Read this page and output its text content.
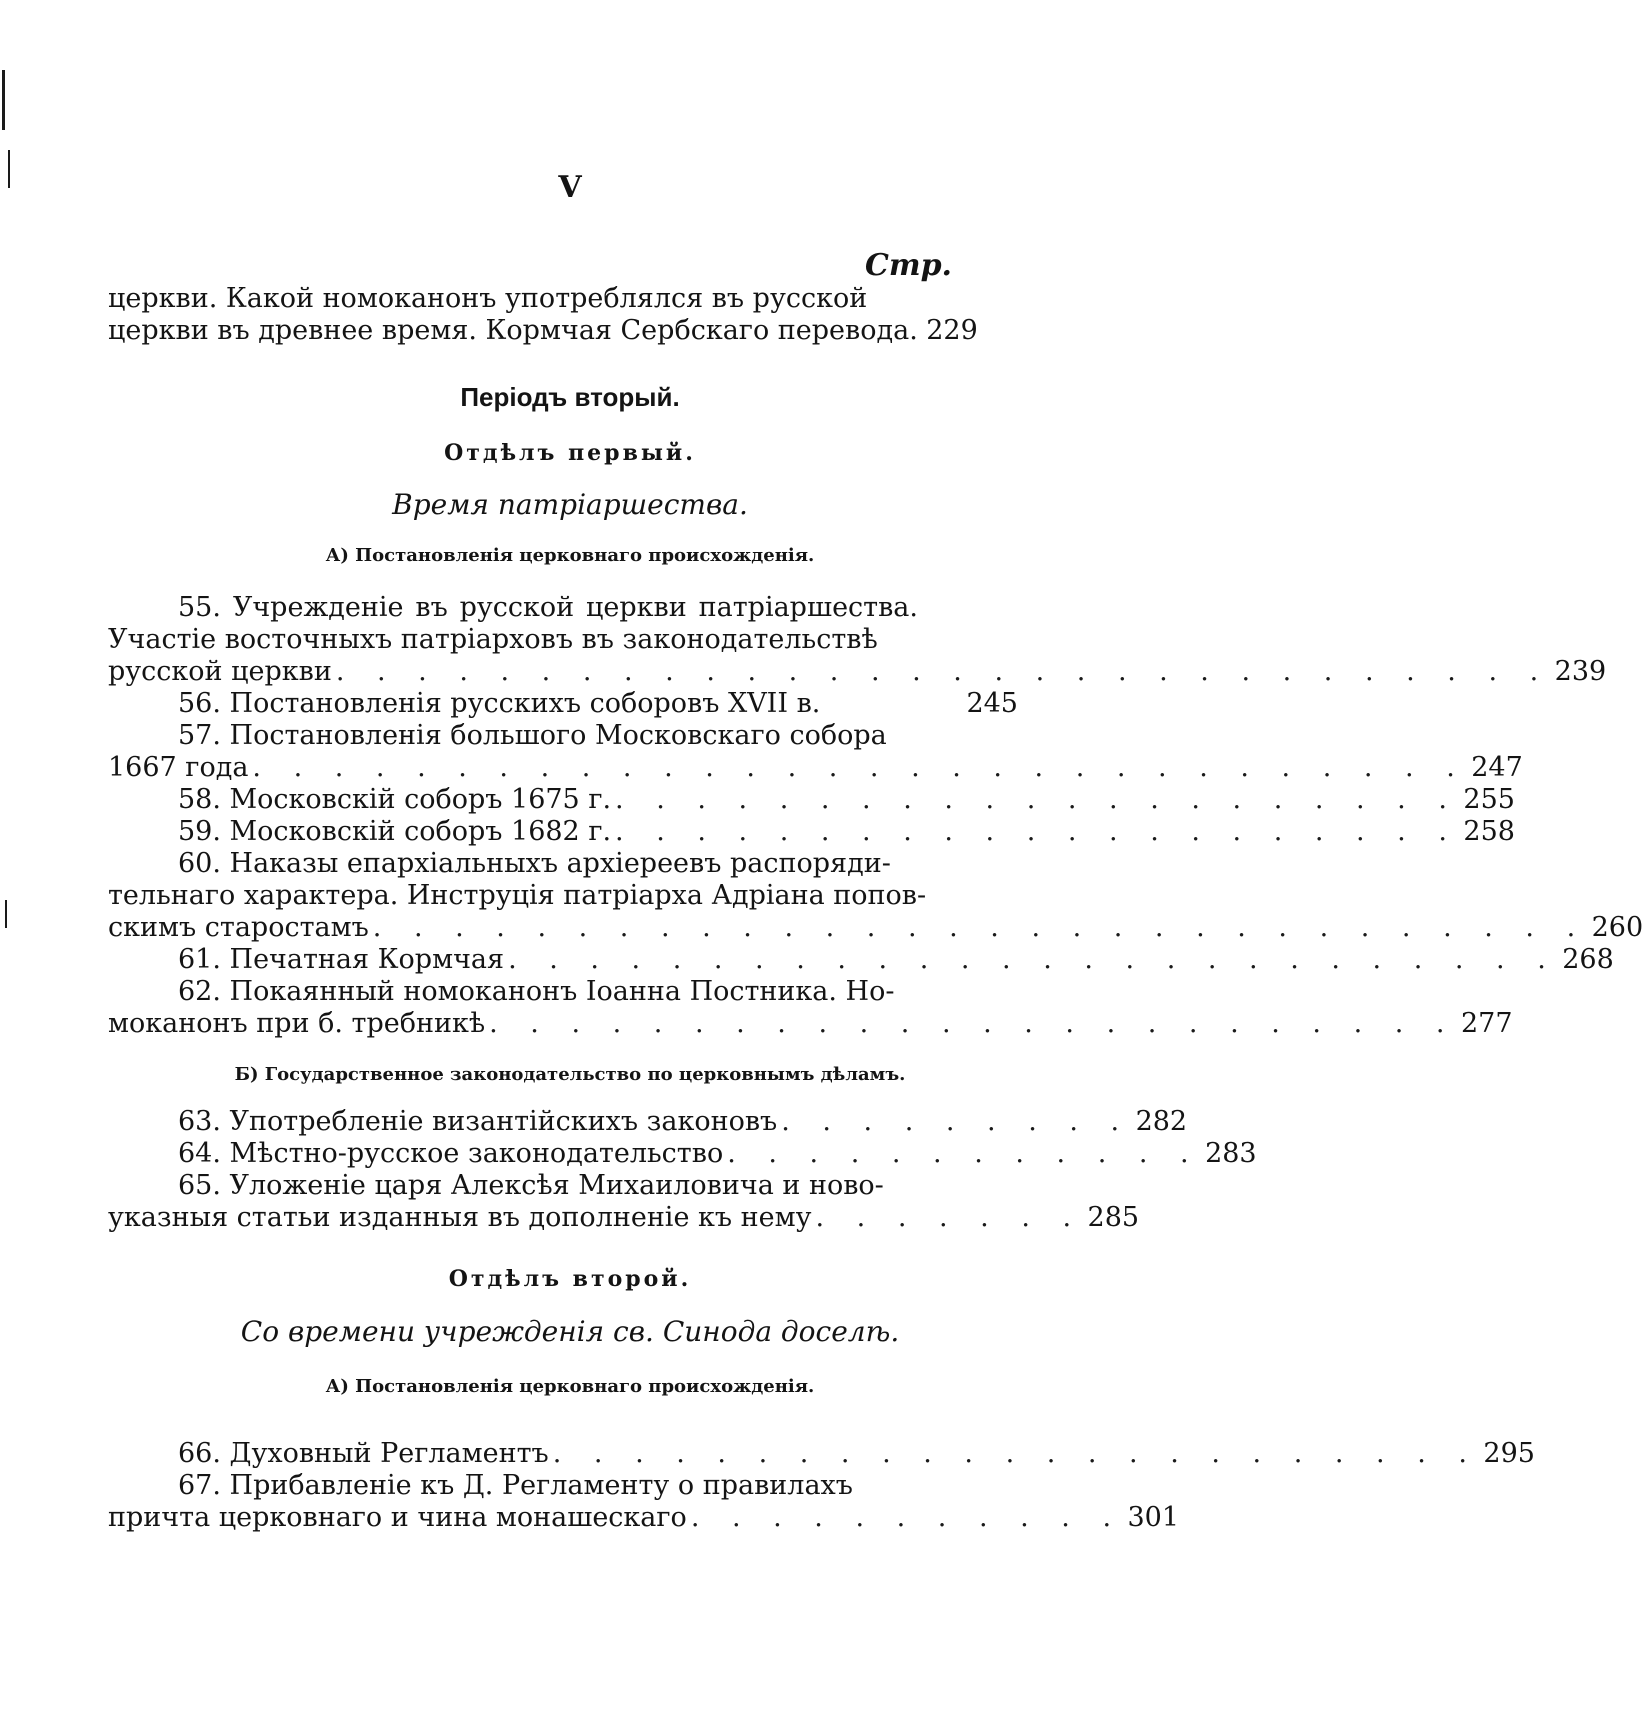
V
Стр.
церкви. Какой номоканонъ употреблялся въ русской
церкви въ древнее время. Кормчая Сербскаго перевода. 229
Періодъ вторый.
Отдѣлъ первый.
Время патріаршества.
А) Постановленія церковнаго происхожденія.
55. Учрежденіе въ русской церкви патріаршества.
Участіе восточныхъ патріарховъ въ законодательствѣ
русской церкви . . . . . . . . . . . . . . . . . . . . . . . . . . . . . . 239
56. Постановленія русскихъ соборовъ XVII в.	245
57. Постановленія большого Московскаго собора
1667 года . . . . . . . . . . . . . . . . . . . . . . . . . . . . . . 247
58. Московскій соборъ 1675 г. . . . . . . . . . . . . . . . . . . . . . 255
59. Московскій соборъ 1682 г. . . . . . . . . . . . . . . . . . . . . . 258
60. Наказы епархіальныхъ архіереевъ распоряди-
тельнаго характера. Инструція патріарха Адріана попов-
скимъ старостамъ . . . . . . . . . . . . . . . . . . . . . . . . . . . . . . 260
61. Печатная Кормчая . . . . . . . . . . . . . . . . . . . . . . . . . . 268
62. Покаянный номоканонъ Іоанна Постника. Но-
моканонъ при б. требникѣ . . . . . . . . . . . . . . . . . . . . . . . . 277
Б) Государственное законодательство по церковнымъ дѣламъ.
63. Употребленіе византійскихъ законовъ . . . . . . . . . 282
64. Мѣстно-русское законодательство . . . . . . . . . . . . 283
65. Уложеніе царя Алексѣя Михаиловича и ново-
указныя статьи изданныя въ дополненіе къ нему . . . . . . . 285
Отдѣлъ второй.
Со времени учрежденія св. Синода доселѣ.
А) Постановленія церковнаго происхожденія.
66. Духовный Регламентъ . . . . . . . . . . . . . . . . . . . . . . . 295
67. Прибавленіе къ Д. Регламенту о правилахъ
причта церковнаго и чина монашескаго . . . . . . . . . . . 301
